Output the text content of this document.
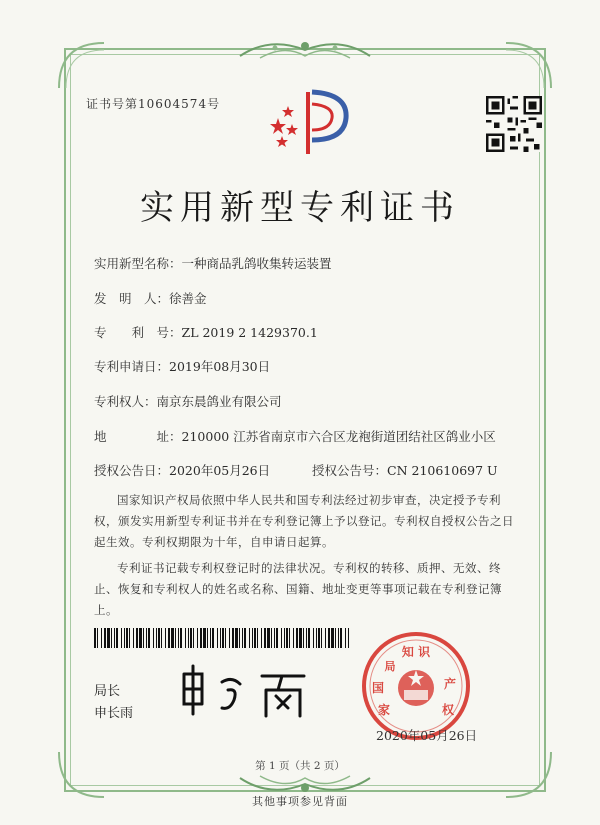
证书号第10604574号
实用新型专利证书
实用新型名称：一种商品乳鸽收集转运装置
发　明　人：徐善金
专　　利　号：ZL 2019 2 1429370.1
专利申请日：2019年08月30日
专利权人：南京东晨鸽业有限公司
地　　　　址：210000 江苏省南京市六合区龙袍街道团结社区鸽业小区
授权公告日：2020年05月26日	授权公告号：CN 210610697 U
国家知识产权局依照中华人民共和国专利法经过初步审查，决定授予专利权，颁发实用新型专利证书并在专利登记簿上予以登记。专利权自授权公告之日起生效。专利权期限为十年，自申请日起算。
专利证书记载专利权登记时的法律状况。专利权的转移、质押、无效、终止、恢复和专利权人的姓名或名称、国籍、地址变更等事项记载在专利登记簿上。
局长
申长雨
知 识
国
家
产
权
局
2020年05月26日
第 1 页（共 2 页）
其他事项参见背面
